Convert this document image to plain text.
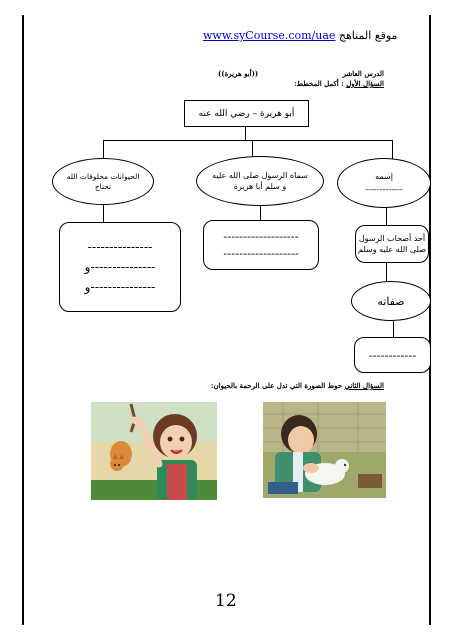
www.syCourse.com/uae موقع المناهج
الدرس العاشر
((أبو هريرة))
السؤال الأول : أكمل المخطط:
أبو هريرة – رضي الله عنه
الحيوانات مخلوقات الله تحتاج
---------------
---------------و
---------------و
سماه الرسول صلى الله عليه و سلم أبا هريرة
-------------------
-------------------
إسمه
-------------
أحد أصحاب الرسول صلى الله عليه وسلم
صفاته
------------
السؤال الثاني حوط الصورة التي تدل على الرحمة بالحيوان:
12
